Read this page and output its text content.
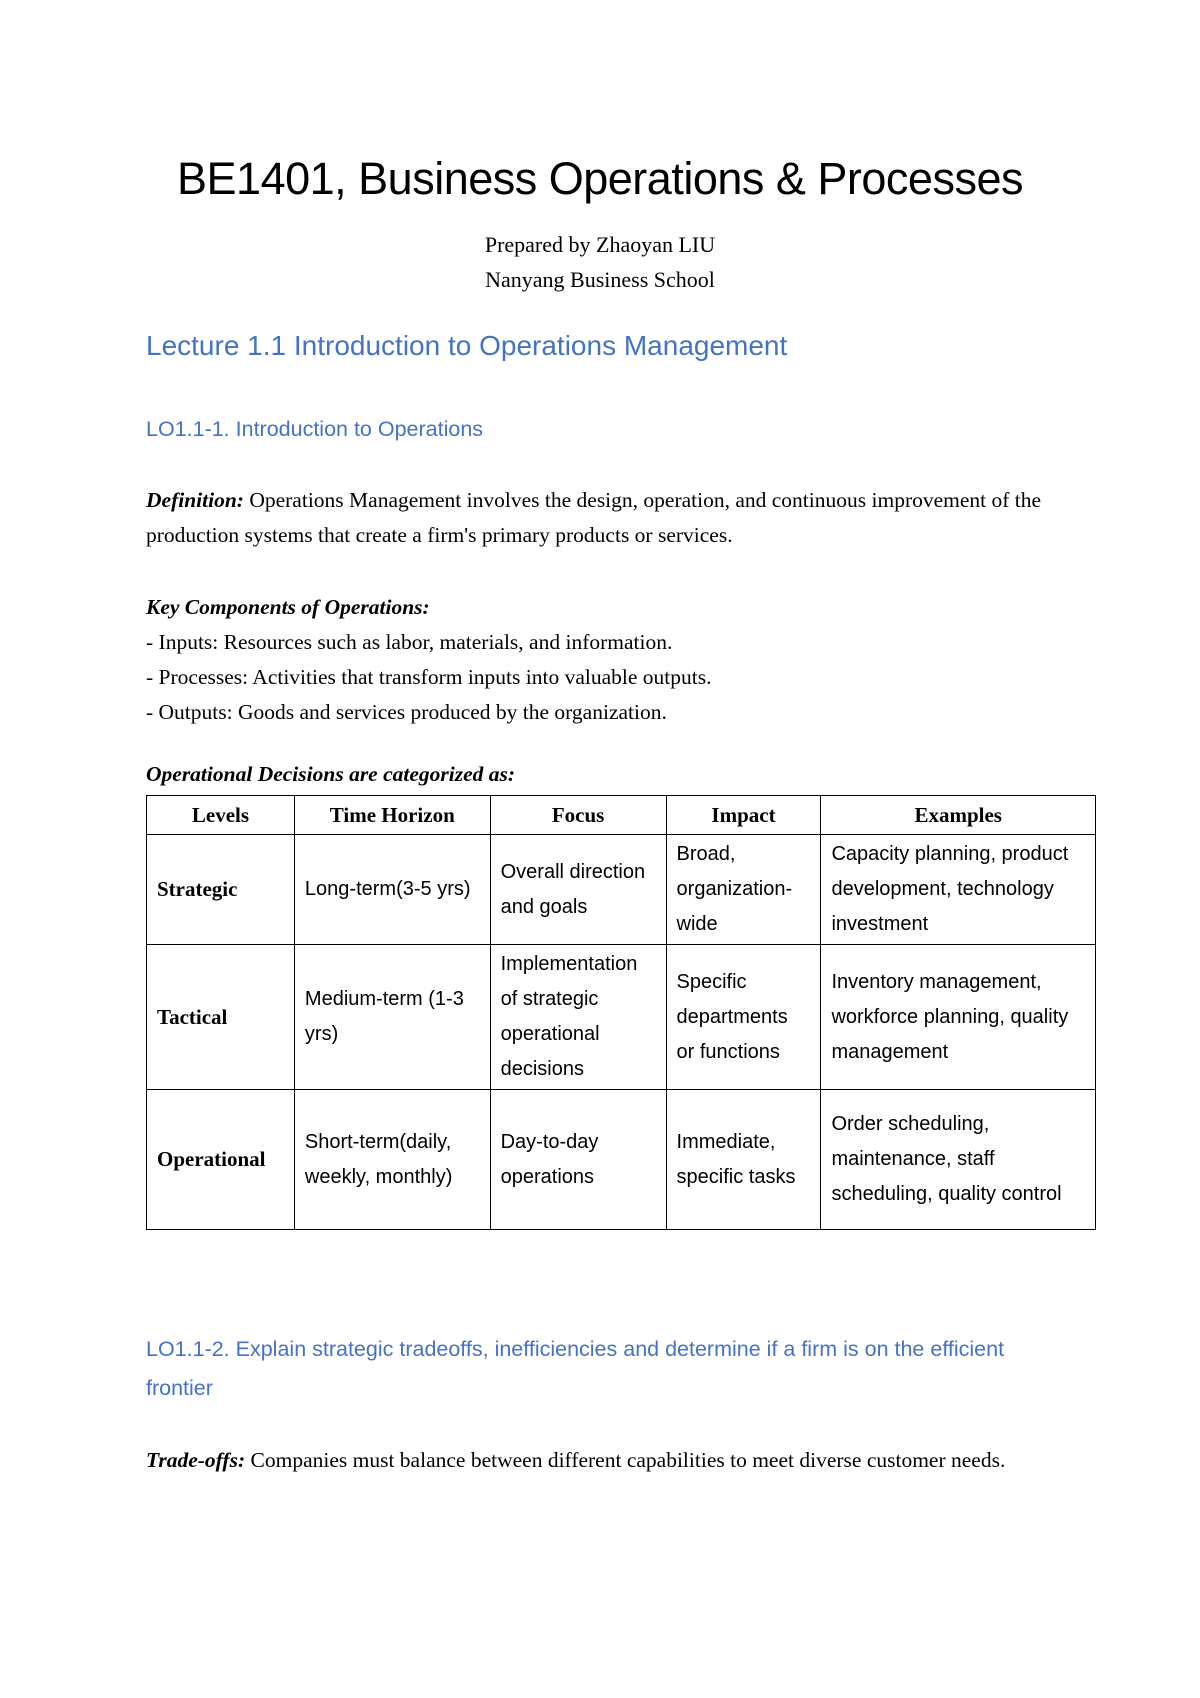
BE1401, Business Operations & Processes
Prepared by Zhaoyan LIU
Nanyang Business School
Lecture 1.1 Introduction to Operations Management
LO1.1-1. Introduction to Operations

Definition: Operations Management involves the design, operation, and continuous improvement of the production systems that create a firm's primary products or services.

Key Components of Operations:
- Inputs: Resources such as labor, materials, and information.
- Processes: Activities that transform inputs into valuable outputs.
- Outputs: Goods and services produced by the organization.
Operational Decisions are categorized as:
Levels	Time Horizon	Focus	Impact	Examples
Strategic	Long-term(3-5 yrs)	Overall direction and goals	Broad, organization-wide	Capacity planning, product development, technology investment
Tactical	Medium-term (1-3 yrs)	Implementation of strategic operational decisions	Specific departments or functions	Inventory management, workforce planning, quality management
Operational	Short-term(daily, weekly, monthly)	Day-to-day operations	Immediate, specific tasks	Order scheduling, maintenance, staff scheduling, quality control
LO1.1-2. Explain strategic tradeoffs, inefficiencies and determine if a firm is on the efficient frontier

Trade-offs: Companies must balance between different capabilities to meet diverse customer needs.
